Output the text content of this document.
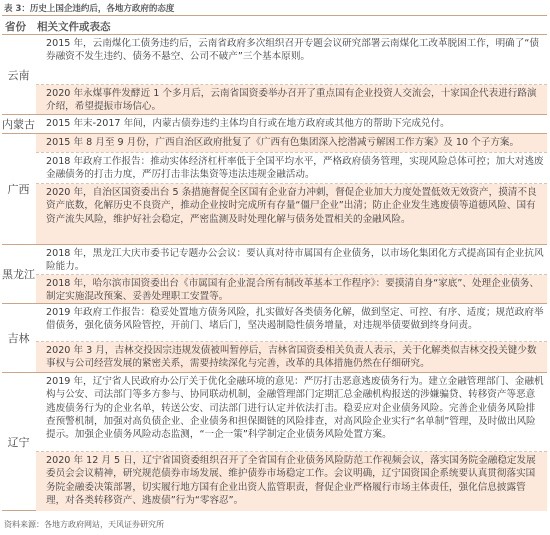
表 3：历史上国企违约后，各地方政府的态度
省份 相关文件或表态
云南
2015 年，云南煤化工债务违约后，云南省政府多次组织召开专题会议研究部署云南煤化工改革脱困工作，明确了“债券融资不发生违约、债务不悬空、公司不破产”三个基本原则。
2020 年永煤事件发酵近 1 个多月后，云南省国资委举办召开了重点国有企业投资人交流会，十家国企代表进行路演介绍，希望提振市场信心。
内蒙古	2015 年末-2017 年间，内蒙古债券违约主体均自行或在地方政府或其他方的帮助下完成兑付。
广西
2015 年 8 月至 9 月份，广西自治区政府批复了《广西有色集团深入挖潜减亏解困工作方案》及 10 个子方案。
2018 年政府工作报告：推动实体经济杠杆率低于全国平均水平，严格政府债务管理，实现风险总体可控；加大对逃废金融债务的打击力度，严厉打击非法集资等违法违规金融活动。
2020 年，自治区国资委出台 5 条措施督促全区国有企业奋力冲刺，督促企业加大力度处置低效无效资产，摸清不良资产底数，化解历史不良资产，推动企业按时完成所有存量“僵尸企业”出清；防止企业发生逃废债等道德风险、国有资产流失风险，维护好社会稳定，严密监测及时处理化解与债务处置相关的金融风险。
黑龙江
2018 年，黑龙江大庆市委书记专题办公会议：要认真对待市属国有企业债务，以市场化集团化方式提高国有企业抗风险能力。
2018 年，哈尔滨市国资委出台《市属国有企业混合所有制改革基本工作程序》：要摸清自身“家底”、处理企业债务、制定实施混改预案、妥善处理职工安置等。
吉林
2019 年政府工作报告：稳妥处置地方债务风险，扎实做好各类债务化解，做到坚定、可控、有序、适度；规范政府举借债务，强化债务风险管控，开前门、堵后门，坚决遏制隐性债务增量，对违规举债要做到终身问责。
2020 年 3 月，吉林交投因宗违规发债被叫暂停后，吉林省国资委相关负责人表示，关于化解类似吉林交投关键少数事权与公司经营发展的紧密关系，需要持续深化与完善，改革的具体措施仍然在仔细研究。
辽宁
2019 年，辽宁省人民政府办公厅关于优化金融环境的意见：严厉打击恶意逃废债务行为。建立金融管理部门、金融机构与公安、司法部门等多方参与、协同联动机制，金融管理部门定期汇总金融机构报送的涉嫌骗贷、转移资产等恶意逃废债务行为的企业名单，转送公安、司法部门进行认定并依法打击。稳妥应对企业债务风险。完善企业债务风险排查预警机制，加强对高负债企业、企业债务和担保圈链的风险排查，对高风险企业实行“名单制”管理，及时做出风险提示。加强企业债务风险动态监测，“一企一策”科学制定企业债务风险处置方案。
2020 年 12 月 5 日，辽宁省国资委组织召开了全省国有企业债务风险防范工作视频会议，落实国务院金融稳定发展委员会会议精神，研究规范债券市场发展、维护债券市场稳定工作。会议明确，辽宁国资国企系统要认真贯彻落实国务院金融委决策部署，切实履行地方国有企业出资人监管职责，督促企业严格履行市场主体责任，强化信息披露管理，对各类转移资产、逃废债”行为“零容忍”。
资料来源：各地方政府网站，天风证券研究所
